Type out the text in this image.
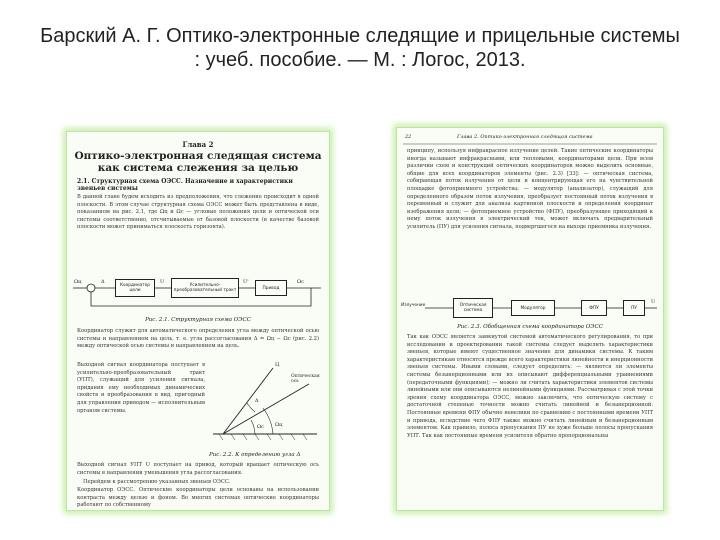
Барский А. Г. Оптико-электронные следящие и прицельные системы : учеб. пособие. — М. : Логос, 2013.
Глава 2
Оптико-электронная следящая система как система слежения за целью
2.1. Структурная схема ОЭСС. Назначение и характеристики звеньев системы
В данной главе будем исходить из предположения, что слежение происходит в одной плоскости. В этом случае структурная схема ОЭСС может быть представлена в виде, показанном на рис. 2.1, где Ωц и Ωс — угловые положения цели и оптической оси системы соответственно, отсчитываемые от базовой плоскости (в качестве базовой плоскости может приниматься плоскость горизонта).
Координатор цели
Усилительно-преобразовательный тракт	Привод
Ωц	Δ	U	U'	Ωс
Рис. 2.1. Структурная схема ОЭСС
Координатор служит для автоматического определения угла между оптической осью системы и направлением на цель, т. е. угла рассогласования Δ = Ωц − Ωс (рис. 2.2) между оптической осью системы и направлением на цель.
Выходной сигнал координатора поступает в усилительно-преобразовательный тракт (УПТ), служащий для усиления сигнала, придания ему необходимых динамических свойств и преобразования в вид, пригодный для управления приводом — исполнительным органом системы.
Ц
Оптическая ось
Δ
Ωц
Ωс
Рис. 2.2. К определению угла Δ
Выходной сигнал УПТ U поступает на привод, который вращает оптическую ось системы в направлении уменьшения угла рассогласования.
Перейдем к рассмотрению указанных звеньев ОЭСС.
Координатор ОЭСС. Оптические координаторы цели основаны на использовании контраста между целью и фоном. Во многих системах оптические координаторы работают по собственному
22	Глава 2. Оптико-электронная следящая система
принципу, используя инфракрасное излучение целей. Такие оптические координаторы иногда называют инфракрасными, или тепловыми, координаторами цели. При всем различии схем и конструкций оптических координаторов можно выделить основные, общие для всех координаторов элементы (рис. 2.3) [33]: — оптическая система, собирающая поток излучения от цели и концентрирующая его на чувствительной площадке фотоприемного устройства; — модулятор (анализатор), служащий для определенного образом поток излучения, преобразует постоянный поток излучения в переменный и служит для анализа картинной плоскости и определения координат изображения цели; — фотоприемное устройство (ФПУ), преобразующее приходящий к нему поток излучения в электрический ток, может включать предварительный усилитель (ПУ) для усиления сигнала, подвергшегося на выходе приемника излучения.
Излучение	Оптическая система	Модулятор	ФПУ	ПУ
U
Рис. 2.3. Обобщенная схема координатора ОЭСС
Так как ОЭСС является замкнутой системой автоматического регулирования, то при исследовании и проектировании такой системы следует выделить характеристики звеньев, которые имеют существенное значение для динамики системы. К таким характеристикам относятся прежде всего характеристики линейности и инерционности звеньев системы. Иными словами, следует определить: — являются ли элементы системы безынерционными или их описывают дифференциальными уравнениями (передаточными функциями); — можно ли считать характеристики элементов системы линейными или они описываются нелинейными функциями. Рассматривая с этой точки зрения схему координатора ОЭСС, можно заключить, что оптическую систему с достаточной степенью точности можно считать линейной и безынерционной. Постоянные времени ФПУ обычно невелики по сравнению с постоянными времени УПТ и привода, вследствие чего ФПУ также можно считать линейным и безынерционным элементом. Как правило, полоса пропускания ПУ не хуже больше полосы пропускания УПТ. Так как постоянные времени усилителя обратно пропорциональны
